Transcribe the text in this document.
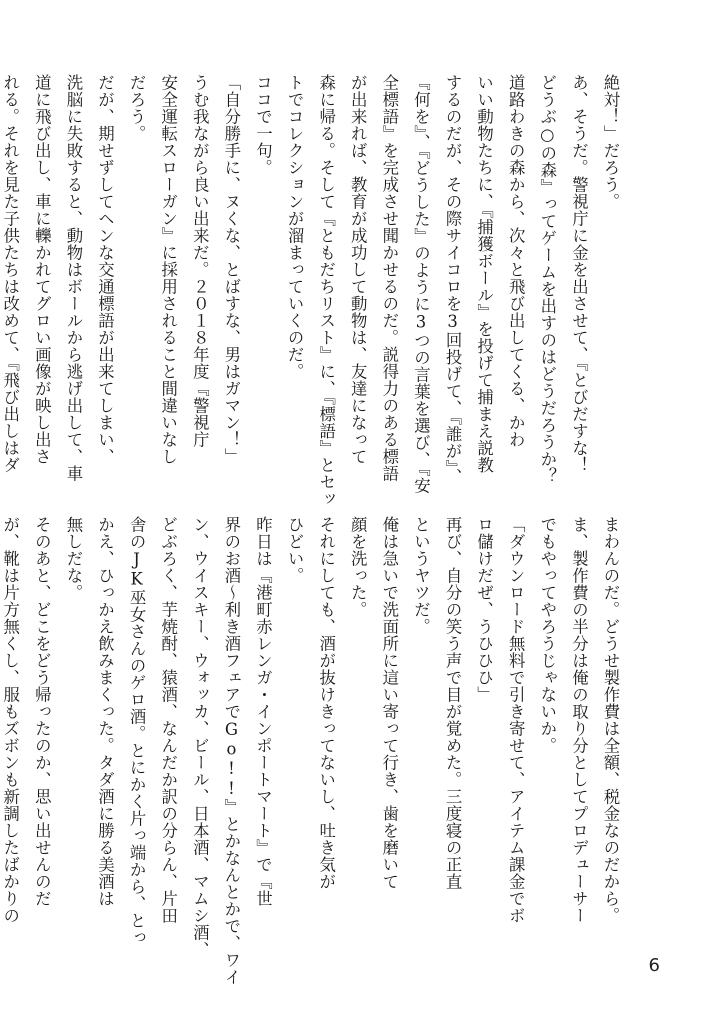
絶対！」だろう。
あ、そうだ。警視庁に金を出させて、『とびだすな！
どうぶ○の森』ってゲームを出すのはどうだろうか？
道路わきの森から、次々と飛び出してくる、かわ
いい動物たちに、『捕獲ボール』を投げて捕まえ説教
するのだが、その際サイコロを3回投げて、『誰が』、
『何を』、『どうした』のように3つの言葉を選び、『安
全標語』を完成させ聞かせるのだ。説得力のある標語
が出来れば、教育が成功して動物は、友達になって
森に帰る。そして『ともだちリスト』に、『標語』とセッ
トでコレクションが溜まっていくのだ。
ココで一句。
「自分勝手に、ヌくな、とばすな、男はガマン！」
うむ我ながら良い出来だ。２０１８年度『警視庁
安全運転スローガン』に採用されること間違いなし
だろう。
だが、期せずしてヘンな交通標語が出来てしまい、
洗脳に失敗すると、動物はボールから逃げ出して、車
道に飛び出し、車に轢かれてグロい画像が映し出さ
れる。それを見た子供たちは改めて、『飛び出しはダ
まわんのだ。どうせ製作費は全額、税金なのだから。
ま、製作費の半分は俺の取り分としてプロデューサー
でもやってやろうじゃないか。
「ダウンロード無料で引き寄せて、アイテム課金でボ
ロ儲けだぜ、うひひひ」
再び、自分の笑う声で目が覚めた。三度寝の正直
というヤツだ。
俺は急いで洗面所に這い寄って行き、歯を磨いて
顔を洗った。
それにしても、酒が抜けきってないし、吐き気が
ひどい。
昨日は『港町赤レンガ・インポートマート』で『世
界のお酒～利き酒フェアでGo!!』とかなんとかで、ワイ
ン、ウイスキー、ウォッカ、ビール、日本酒、マムシ酒、
どぶろく、芋焼酎、猿酒、なんだか訳の分らん、片田
舎のJK巫女さんのゲロ酒。とにかく片っ端から、とっ
かえ、ひっかえ飲みまくった。タダ酒に勝る美酒は
無しだな。
そのあと、どこをどう帰ったのか、思い出せんのだ
が、靴は片方無くし、服もズボンも新調したばかりの
6
